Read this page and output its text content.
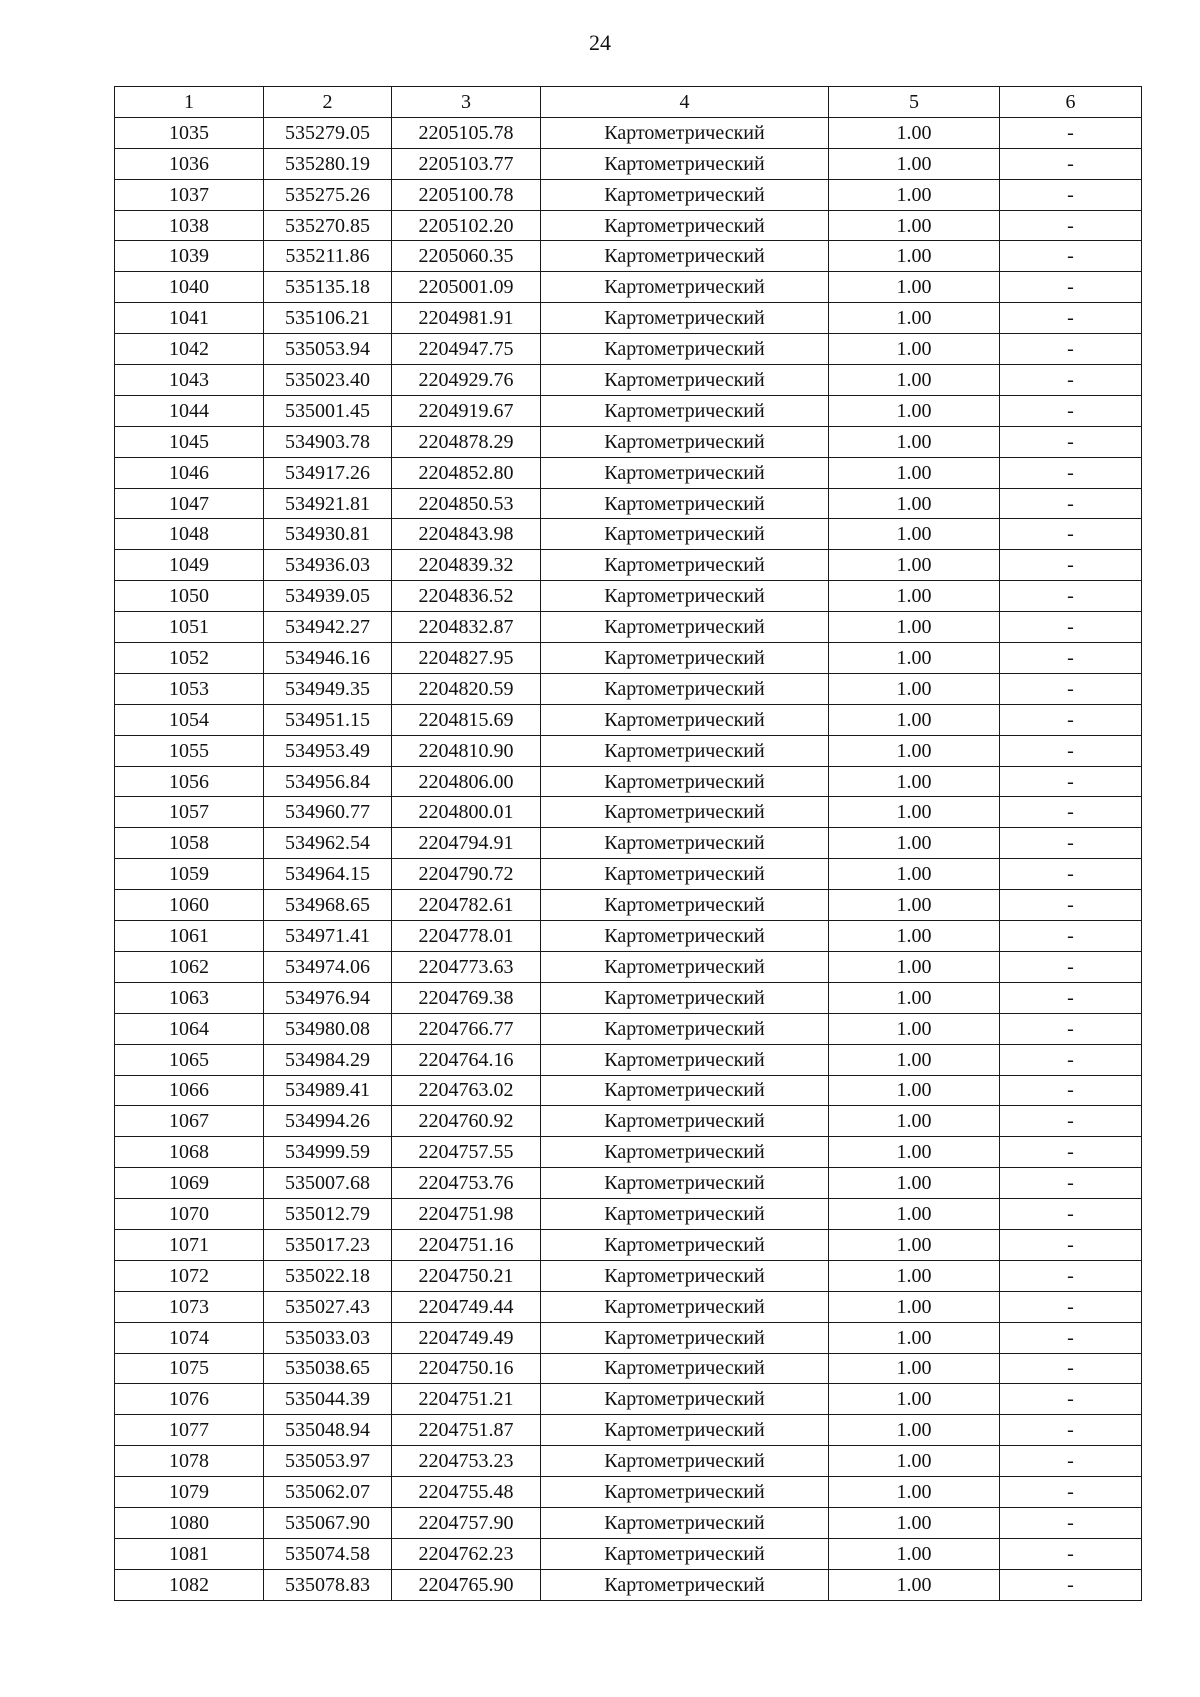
24
1	2	3	4	5	6
1035	535279.05	2205105.78	Картометрический	1.00	-
1036	535280.19	2205103.77	Картометрический	1.00	-
1037	535275.26	2205100.78	Картометрический	1.00	-
1038	535270.85	2205102.20	Картометрический	1.00	-
1039	535211.86	2205060.35	Картометрический	1.00	-
1040	535135.18	2205001.09	Картометрический	1.00	-
1041	535106.21	2204981.91	Картометрический	1.00	-
1042	535053.94	2204947.75	Картометрический	1.00	-
1043	535023.40	2204929.76	Картометрический	1.00	-
1044	535001.45	2204919.67	Картометрический	1.00	-
1045	534903.78	2204878.29	Картометрический	1.00	-
1046	534917.26	2204852.80	Картометрический	1.00	-
1047	534921.81	2204850.53	Картометрический	1.00	-
1048	534930.81	2204843.98	Картометрический	1.00	-
1049	534936.03	2204839.32	Картометрический	1.00	-
1050	534939.05	2204836.52	Картометрический	1.00	-
1051	534942.27	2204832.87	Картометрический	1.00	-
1052	534946.16	2204827.95	Картометрический	1.00	-
1053	534949.35	2204820.59	Картометрический	1.00	-
1054	534951.15	2204815.69	Картометрический	1.00	-
1055	534953.49	2204810.90	Картометрический	1.00	-
1056	534956.84	2204806.00	Картометрический	1.00	-
1057	534960.77	2204800.01	Картометрический	1.00	-
1058	534962.54	2204794.91	Картометрический	1.00	-
1059	534964.15	2204790.72	Картометрический	1.00	-
1060	534968.65	2204782.61	Картометрический	1.00	-
1061	534971.41	2204778.01	Картометрический	1.00	-
1062	534974.06	2204773.63	Картометрический	1.00	-
1063	534976.94	2204769.38	Картометрический	1.00	-
1064	534980.08	2204766.77	Картометрический	1.00	-
1065	534984.29	2204764.16	Картометрический	1.00	-
1066	534989.41	2204763.02	Картометрический	1.00	-
1067	534994.26	2204760.92	Картометрический	1.00	-
1068	534999.59	2204757.55	Картометрический	1.00	-
1069	535007.68	2204753.76	Картометрический	1.00	-
1070	535012.79	2204751.98	Картометрический	1.00	-
1071	535017.23	2204751.16	Картометрический	1.00	-
1072	535022.18	2204750.21	Картометрический	1.00	-
1073	535027.43	2204749.44	Картометрический	1.00	-
1074	535033.03	2204749.49	Картометрический	1.00	-
1075	535038.65	2204750.16	Картометрический	1.00	-
1076	535044.39	2204751.21	Картометрический	1.00	-
1077	535048.94	2204751.87	Картометрический	1.00	-
1078	535053.97	2204753.23	Картометрический	1.00	-
1079	535062.07	2204755.48	Картометрический	1.00	-
1080	535067.90	2204757.90	Картометрический	1.00	-
1081	535074.58	2204762.23	Картометрический	1.00	-
1082	535078.83	2204765.90	Картометрический	1.00	-
